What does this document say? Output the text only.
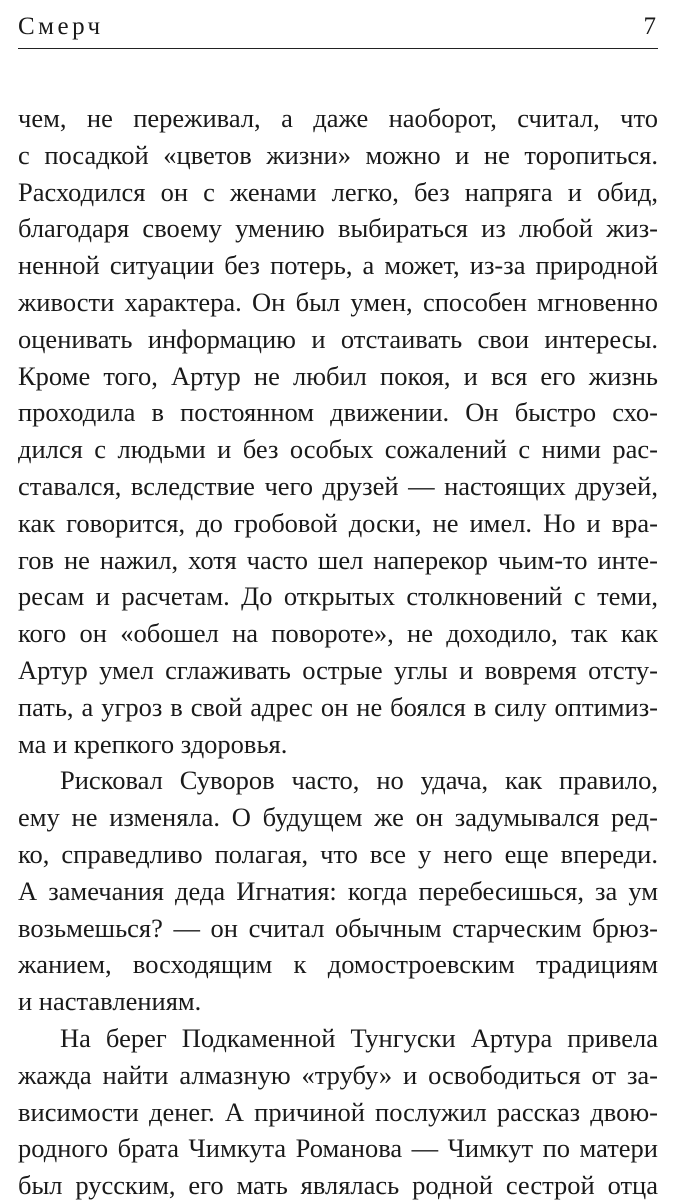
Смерч	7
чем, не переживал, а даже наоборот, считал, что
с посадкой «цветов жизни» можно и не торопиться.
Расходился он с женами легко, без напряга и обид,
благодаря своему умению выбираться из любой жиз-
ненной ситуации без потерь, а может, из-за природной
живости характера. Он был умен, способен мгновенно
оценивать информацию и отстаивать свои интересы.
Кроме того, Артур не любил покоя, и вся его жизнь
проходила в постоянном движении. Он быстро схо-
дился с людьми и без особых сожалений с ними рас-
ставался, вследствие чего друзей — настоящих друзей,
как говорится, до гробовой доски, не имел. Но и вра-
гов не нажил, хотя часто шел наперекор чьим-то инте-
ресам и расчетам. До открытых столкновений с теми,
кого он «обошел на повороте», не доходило, так как
Артур умел сглаживать острые углы и вовремя отсту-
пать, а угроз в свой адрес он не боялся в силу оптимиз-
ма и крепкого здоровья.
Рисковал Суворов часто, но удача, как правило,
ему не изменяла. О будущем же он задумывался ред-
ко, справедливо полагая, что все у него еще впереди.
А замечания деда Игнатия: когда перебесишься, за ум
возьмешься? — он считал обычным старческим брюз-
жанием, восходящим к домостроевским традициям
и наставлениям.
На берег Подкаменной Тунгуски Артура привела
жажда найти алмазную «трубу» и освободиться от за-
висимости денег. А причиной послужил рассказ двою-
родного брата Чимкута Романова — Чимкут по матери
был русским, его мать являлась родной сестрой отца
